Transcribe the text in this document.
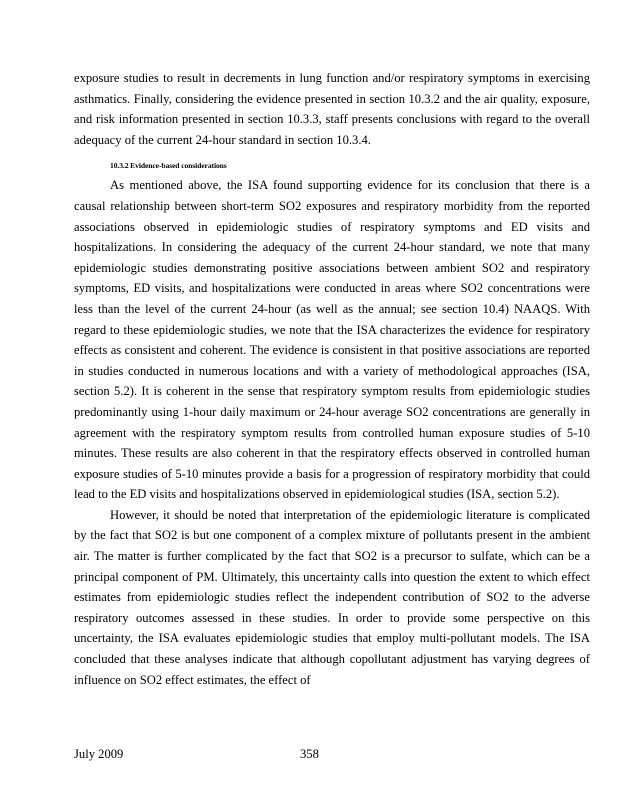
exposure studies to result in decrements in lung function and/or respiratory symptoms in exercising asthmatics. Finally, considering the evidence presented in section 10.3.2 and the air quality, exposure, and risk information presented in section 10.3.3, staff presents conclusions with regard to the overall adequacy of the current 24-hour standard in section 10.3.4.

10.3.2 Evidence-based considerations

As mentioned above, the ISA found supporting evidence for its conclusion that there is a causal relationship between short-term SO2 exposures and respiratory morbidity from the reported associations observed in epidemiologic studies of respiratory symptoms and ED visits and hospitalizations. In considering the adequacy of the current 24-hour standard, we note that many epidemiologic studies demonstrating positive associations between ambient SO2 and respiratory symptoms, ED visits, and hospitalizations were conducted in areas where SO2 concentrations were less than the level of the current 24-hour (as well as the annual; see section 10.4) NAAQS. With regard to these epidemiologic studies, we note that the ISA characterizes the evidence for respiratory effects as consistent and coherent. The evidence is consistent in that positive associations are reported in studies conducted in numerous locations and with a variety of methodological approaches (ISA, section 5.2). It is coherent in the sense that respiratory symptom results from epidemiologic studies predominantly using 1-hour daily maximum or 24-hour average SO2 concentrations are generally in agreement with the respiratory symptom results from controlled human exposure studies of 5-10 minutes. These results are also coherent in that the respiratory effects observed in controlled human exposure studies of 5-10 minutes provide a basis for a progression of respiratory morbidity that could lead to the ED visits and hospitalizations observed in epidemiological studies (ISA, section 5.2).

However, it should be noted that interpretation of the epidemiologic literature is complicated by the fact that SO2 is but one component of a complex mixture of pollutants present in the ambient air. The matter is further complicated by the fact that SO2 is a precursor to sulfate, which can be a principal component of PM. Ultimately, this uncertainty calls into question the extent to which effect estimates from epidemiologic studies reflect the independent contribution of SO2 to the adverse respiratory outcomes assessed in these studies. In order to provide some perspective on this uncertainty, the ISA evaluates epidemiologic studies that employ multi-pollutant models. The ISA concluded that these analyses indicate that although copollutant adjustment has varying degrees of influence on SO2 effect estimates, the effect of

July 2009	358
